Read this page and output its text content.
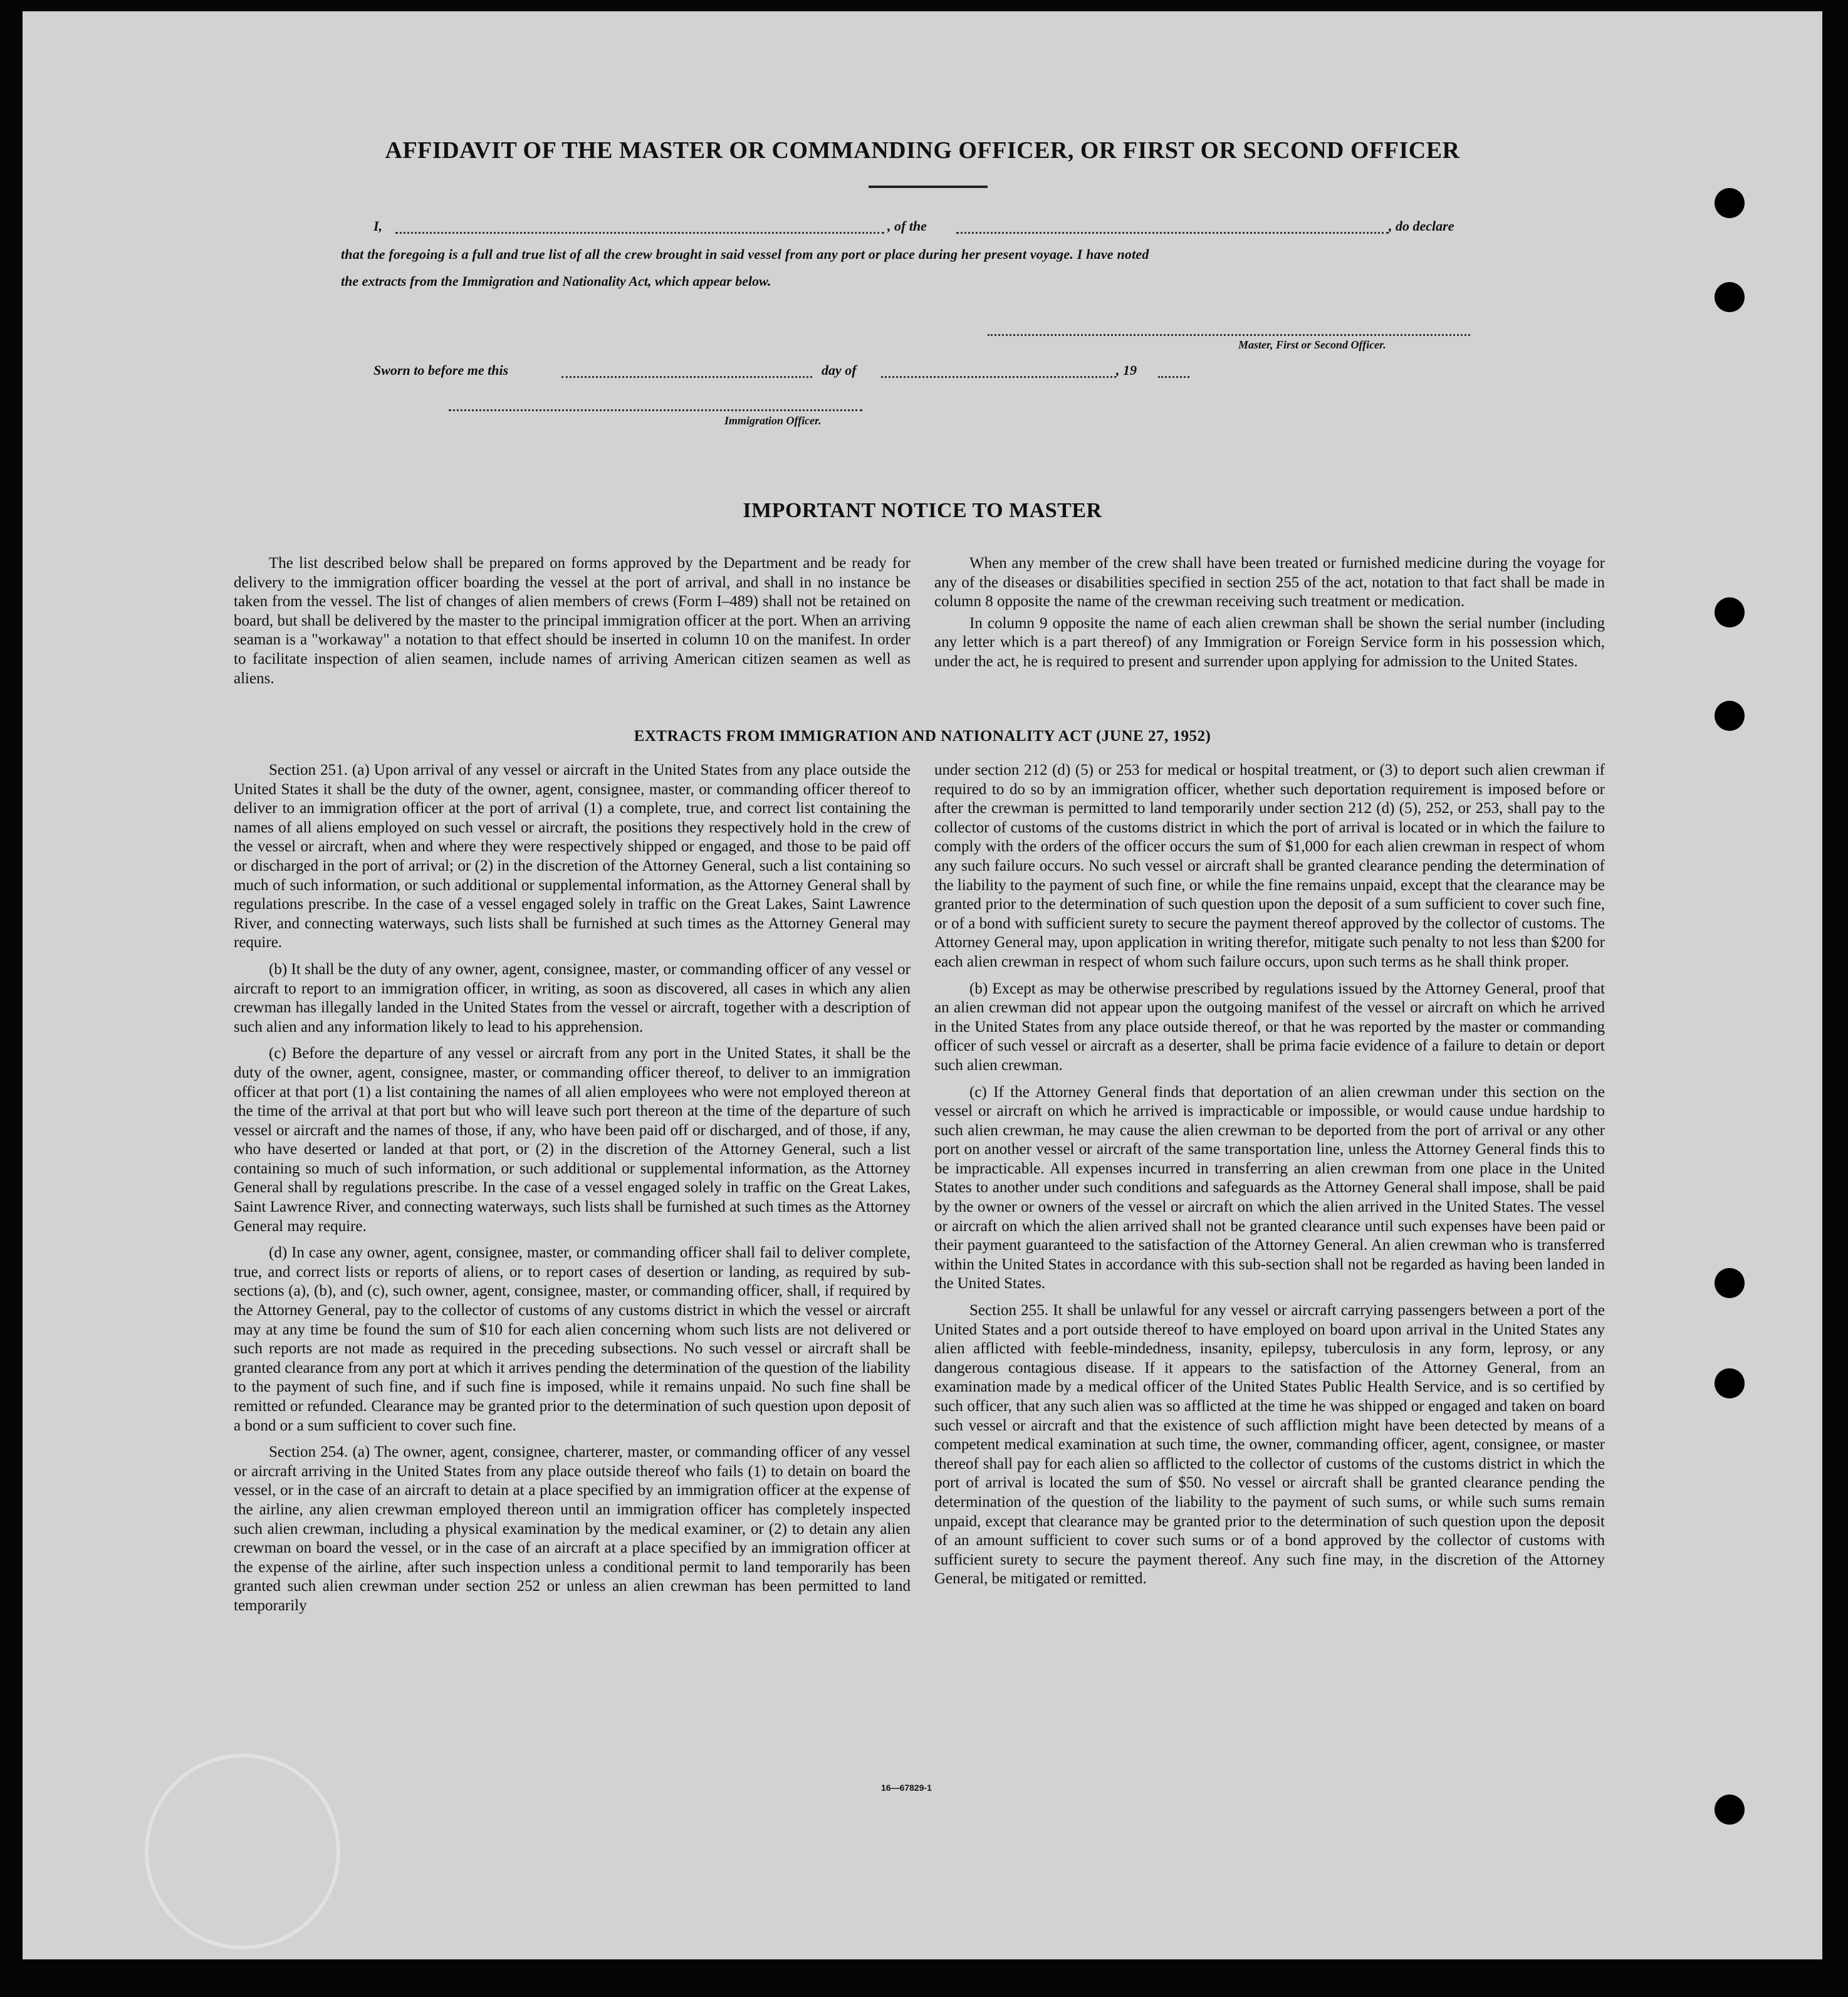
AFFIDAVIT OF THE MASTER OR COMMANDING OFFICER, OR FIRST OR SECOND OFFICER
I,	, of the	, do declare
that the foregoing is a full and true list of all the crew brought in said vessel from any port or place during her present voyage. I have noted
the extracts from the Immigration and Nationality Act, which appear below.
Master, First or Second Officer.
Sworn to before me this	day of	, 19
Immigration Officer.
IMPORTANT NOTICE TO MASTER

The list described below shall be prepared on forms approved by the Department and be ready for delivery to the immigration officer boarding the vessel at the port of arrival, and shall in no instance be taken from the vessel. The list of changes of alien members of crews (Form I–489) shall not be retained on board, but shall be delivered by the master to the principal immigration officer at the port. When an arriving seaman is a "workaway" a notation to that effect should be inserted in column 10 on the manifest. In order to facilitate inspection of alien seamen, include names of arriving American citizen seamen as well as aliens.

When any member of the crew shall have been treated or furnished medicine during the voyage for any of the diseases or disabilities specified in section 255 of the act, notation to that fact shall be made in column 8 opposite the name of the crewman receiving such treatment or medication.

In column 9 opposite the name of each alien crewman shall be shown the serial number (including any letter which is a part thereof) of any Immigration or Foreign Service form in his possession which, under the act, he is required to present and surrender upon applying for admission to the United States.

EXTRACTS FROM IMMIGRATION AND NATIONALITY ACT (JUNE 27, 1952)

Section 251. (a) Upon arrival of any vessel or aircraft in the United States from any place outside the United States it shall be the duty of the owner, agent, consignee, master, or commanding officer thereof to deliver to an immigration officer at the port of arrival (1) a complete, true, and correct list containing the names of all aliens employed on such vessel or aircraft, the positions they respectively hold in the crew of the vessel or aircraft, when and where they were respectively shipped or engaged, and those to be paid off or discharged in the port of arrival; or (2) in the discretion of the Attorney General, such a list containing so much of such information, or such additional or supplemental information, as the Attorney General shall by regulations prescribe. In the case of a vessel engaged solely in traffic on the Great Lakes, Saint Lawrence River, and connecting waterways, such lists shall be furnished at such times as the Attorney General may require.

(b) It shall be the duty of any owner, agent, consignee, master, or commanding officer of any vessel or aircraft to report to an immigration officer, in writing, as soon as discovered, all cases in which any alien crewman has illegally landed in the United States from the vessel or aircraft, together with a description of such alien and any information likely to lead to his apprehension.

(c) Before the departure of any vessel or aircraft from any port in the United States, it shall be the duty of the owner, agent, consignee, master, or commanding officer thereof, to deliver to an immigration officer at that port (1) a list containing the names of all alien employees who were not employed thereon at the time of the arrival at that port but who will leave such port thereon at the time of the departure of such vessel or aircraft and the names of those, if any, who have been paid off or discharged, and of those, if any, who have deserted or landed at that port, or (2) in the discretion of the Attorney General, such a list containing so much of such information, or such additional or supplemental information, as the Attorney General shall by regulations prescribe. In the case of a vessel engaged solely in traffic on the Great Lakes, Saint Lawrence River, and connecting waterways, such lists shall be furnished at such times as the Attorney General may require.

(d) In case any owner, agent, consignee, master, or commanding officer shall fail to deliver complete, true, and correct lists or reports of aliens, or to report cases of desertion or landing, as required by sub-sections (a), (b), and (c), such owner, agent, consignee, master, or commanding officer, shall, if required by the Attorney General, pay to the collector of customs of any customs district in which the vessel or aircraft may at any time be found the sum of $10 for each alien concerning whom such lists are not delivered or such reports are not made as required in the preceding subsections. No such vessel or aircraft shall be granted clearance from any port at which it arrives pending the determination of the question of the liability to the payment of such fine, and if such fine is imposed, while it remains unpaid. No such fine shall be remitted or refunded. Clearance may be granted prior to the determination of such question upon deposit of a bond or a sum sufficient to cover such fine.

Section 254. (a) The owner, agent, consignee, charterer, master, or commanding officer of any vessel or aircraft arriving in the United States from any place outside thereof who fails (1) to detain on board the vessel, or in the case of an aircraft to detain at a place specified by an immigration officer at the expense of the airline, any alien crewman employed thereon until an immigration officer has completely inspected such alien crewman, including a physical examination by the medical examiner, or (2) to detain any alien crewman on board the vessel, or in the case of an aircraft at a place specified by an immigration officer at the expense of the airline, after such inspection unless a conditional permit to land temporarily has been granted such alien crewman under section 252 or unless an alien crewman has been permitted to land temporarily

under section 212 (d) (5) or 253 for medical or hospital treatment, or (3) to deport such alien crewman if required to do so by an immigration officer, whether such deportation requirement is imposed before or after the crewman is permitted to land temporarily under section 212 (d) (5), 252, or 253, shall pay to the collector of customs of the customs district in which the port of arrival is located or in which the failure to comply with the orders of the officer occurs the sum of $1,000 for each alien crewman in respect of whom any such failure occurs. No such vessel or aircraft shall be granted clearance pending the determination of the liability to the payment of such fine, or while the fine remains unpaid, except that the clearance may be granted prior to the determination of such question upon the deposit of a sum sufficient to cover such fine, or of a bond with sufficient surety to secure the payment thereof approved by the collector of customs. The Attorney General may, upon application in writing therefor, mitigate such penalty to not less than $200 for each alien crewman in respect of whom such failure occurs, upon such terms as he shall think proper.

(b) Except as may be otherwise prescribed by regulations issued by the Attorney General, proof that an alien crewman did not appear upon the outgoing manifest of the vessel or aircraft on which he arrived in the United States from any place outside thereof, or that he was reported by the master or commanding officer of such vessel or aircraft as a deserter, shall be prima facie evidence of a failure to detain or deport such alien crewman.

(c) If the Attorney General finds that deportation of an alien crewman under this section on the vessel or aircraft on which he arrived is impracticable or impossible, or would cause undue hardship to such alien crewman, he may cause the alien crewman to be deported from the port of arrival or any other port on another vessel or aircraft of the same transportation line, unless the Attorney General finds this to be impracticable. All expenses incurred in transferring an alien crewman from one place in the United States to another under such conditions and safeguards as the Attorney General shall impose, shall be paid by the owner or owners of the vessel or aircraft on which the alien arrived in the United States. The vessel or aircraft on which the alien arrived shall not be granted clearance until such expenses have been paid or their payment guaranteed to the satisfaction of the Attorney General. An alien crewman who is transferred within the United States in accordance with this sub-section shall not be regarded as having been landed in the United States.

Section 255. It shall be unlawful for any vessel or aircraft carrying passengers between a port of the United States and a port outside thereof to have employed on board upon arrival in the United States any alien afflicted with feeble-mindedness, insanity, epilepsy, tuberculosis in any form, leprosy, or any dangerous contagious disease. If it appears to the satisfaction of the Attorney General, from an examination made by a medical officer of the United States Public Health Service, and is so certified by such officer, that any such alien was so afflicted at the time he was shipped or engaged and taken on board such vessel or aircraft and that the existence of such affliction might have been detected by means of a competent medical examination at such time, the owner, commanding officer, agent, consignee, or master thereof shall pay for each alien so afflicted to the collector of customs of the customs district in which the port of arrival is located the sum of $50. No vessel or aircraft shall be granted clearance pending the determination of the question of the liability to the payment of such sums, or while such sums remain unpaid, except that clearance may be granted prior to the determination of such question upon the deposit of an amount sufficient to cover such sums or of a bond approved by the collector of customs with sufficient surety to secure the payment thereof. Any such fine may, in the discretion of the Attorney General, be mitigated or remitted.

16—67829-1
